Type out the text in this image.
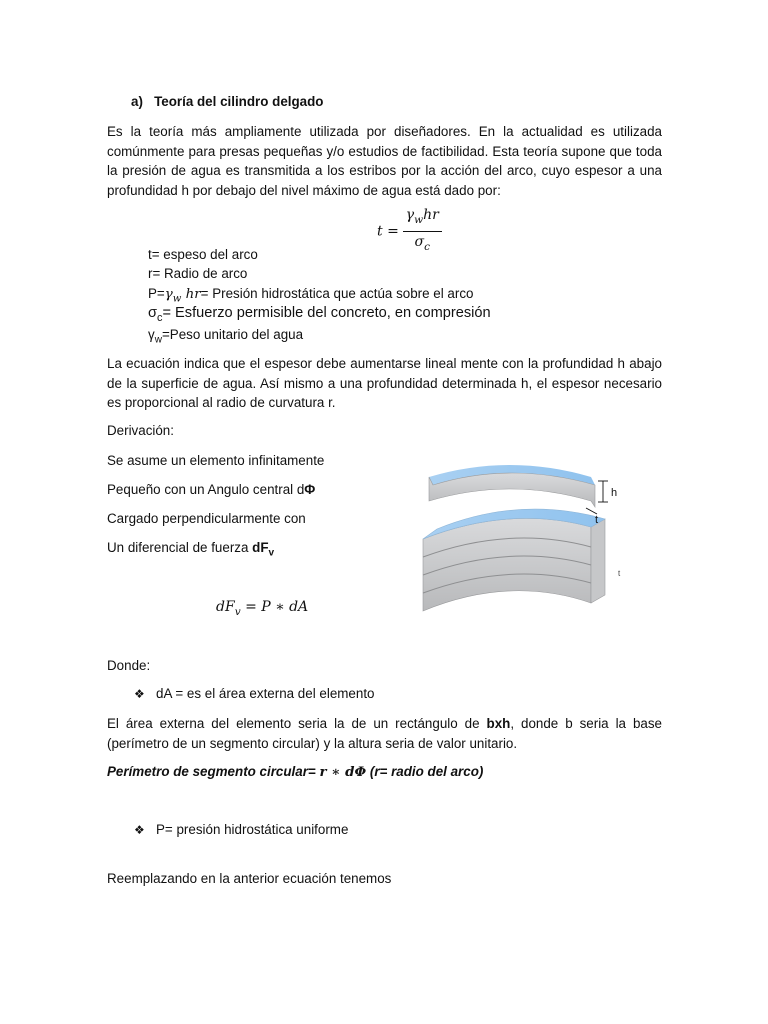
a) Teoría del cilindro delgado
Es la teoría más ampliamente utilizada por diseñadores. En la actualidad es utilizada comúnmente para presas pequeñas y/o estudios de factibilidad. Esta teoría supone que toda la presión de agua es transmitida a los estribos por la acción del arco, cuyo espesor a una profundidad h por debajo del nivel máximo de agua está dado por:
$t = \frac{\gamma_whr}{\sigma_c}$
t= espeso del arco
r= Radio de arco
$P=\gamma_w$ hr= Presión hidrostática que actúa sobre el arco
$\sigma_c=$ Esfuerzo permisible del concreto, en compresión
$\gamma_w=Peso$ unitario del agua
La ecuación indica que el espesor debe aumentarse lineal mente con la profundidad h abajo de la superficie de agua. Así mismo a una profundidad determinada h, el espesor necesario es proporcional al radio de curvatura r.
Derivación:
Se asume un elemento infinitamente
Pequeño con un Angulo central dΦ
Cargado perpendicularmente con
Un diferencial de fuerza $dF_v$
h
t
t
$dF_v = P$ ∗ dA
Donde:
❖ dA = es el área externa del elemento
El área externa del elemento seria la de un rectángulo de bxh, donde b seria la base (perímetro de un segmento circular) y la altura seria de valor unitario.
Perímetro de segmento circular= r ∗ dΦ (r= radio del arco)
❖ P= presión hidrostática uniforme
Reemplazando en la anterior ecuación tenemos
